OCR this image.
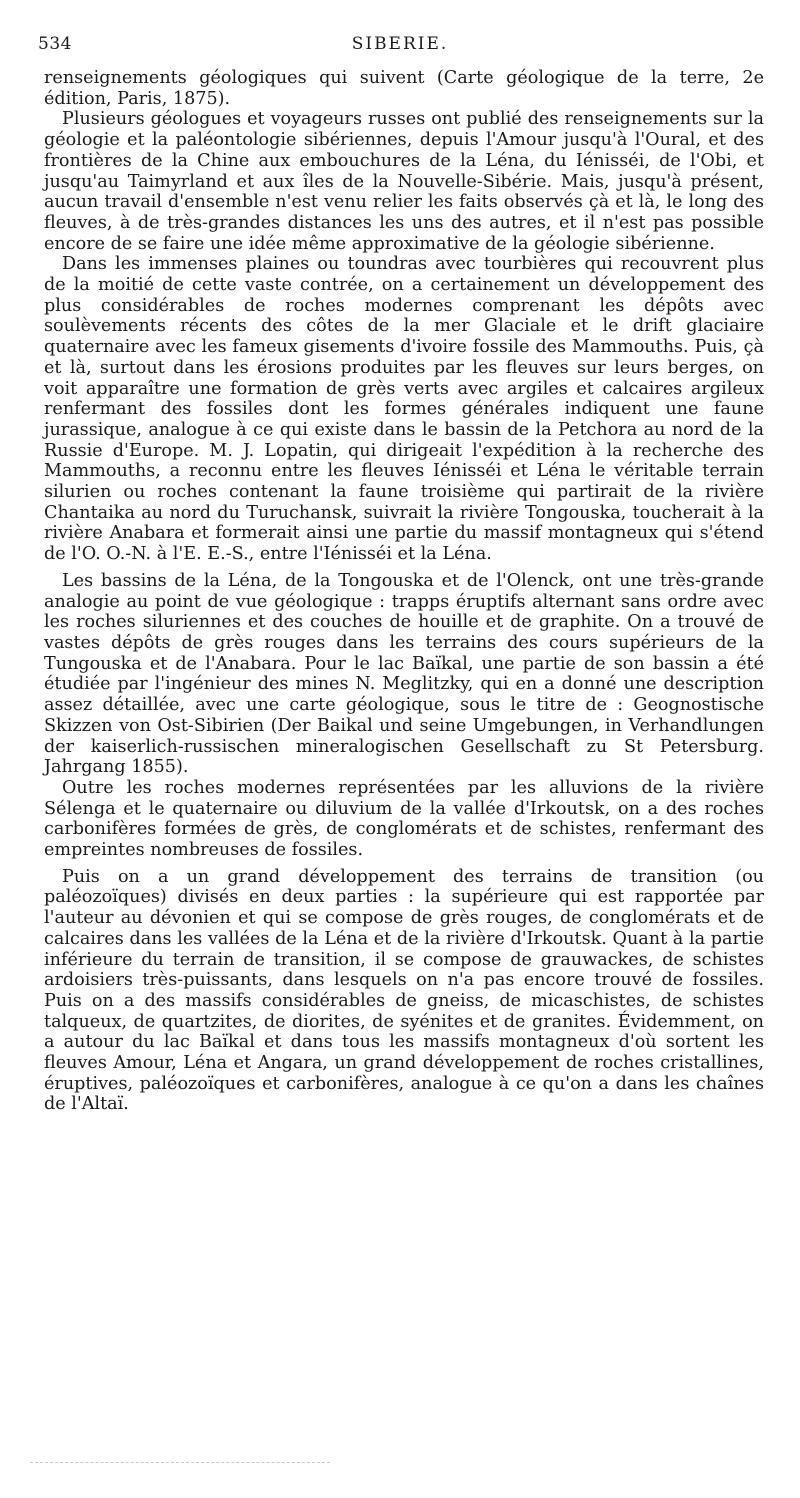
534	SIBERIE.

renseignements géologiques qui suivent (Carte géologique de la terre, 2e édition, Paris, 1875).

Plusieurs géologues et voyageurs russes ont publié des renseignements sur la géologie et la paléontologie sibériennes, depuis l'Amour jusqu'à l'Oural, et des frontières de la Chine aux embouchures de la Léna, du Iénisséi, de l'Obi, et jusqu'au Taimyrland et aux îles de la Nouvelle-Sibérie. Mais, jusqu'à présent, aucun travail d'ensemble n'est venu relier les faits observés çà et là, le long des fleuves, à de très-grandes distances les uns des autres, et il n'est pas possible encore de se faire une idée même approximative de la géologie sibérienne.

Dans les immenses plaines ou toundras avec tourbières qui recouvrent plus de la moitié de cette vaste contrée, on a certainement un développement des plus considérables de roches modernes comprenant les dépôts avec soulèvements récents des côtes de la mer Glaciale et le drift glaciaire quaternaire avec les fameux gisements d'ivoire fossile des Mammouths. Puis, çà et là, surtout dans les érosions produites par les fleuves sur leurs berges, on voit apparaître une formation de grès verts avec argiles et calcaires argileux renfermant des fossiles dont les formes générales indiquent une faune jurassique, analogue à ce qui existe dans le bassin de la Petchora au nord de la Russie d'Europe. M. J. Lopatin, qui dirigeait l'expédition à la recherche des Mammouths, a reconnu entre les fleuves Iénisséi et Léna le véritable terrain silurien ou roches contenant la faune troisième qui partirait de la rivière Chantaika au nord du Turuchansk, suivrait la rivière Tongouska, toucherait à la rivière Anabara et formerait ainsi une partie du massif montagneux qui s'étend de l'O. O.-N. à l'E. E.-S., entre l'Iénisséi et la Léna.

Les bassins de la Léna, de la Tongouska et de l'Olenck, ont une très-grande analogie au point de vue géologique : trapps éruptifs alternant sans ordre avec les roches siluriennes et des couches de houille et de graphite. On a trouvé de vastes dépôts de grès rouges dans les terrains des cours supérieurs de la Tungouska et de l'Anabara. Pour le lac Baïkal, une partie de son bassin a été étudiée par l'ingénieur des mines N. Meglitzky, qui en a donné une description assez détaillée, avec une carte géologique, sous le titre de : Geognostische Skizzen von Ost-Sibirien (Der Baikal und seine Umgebungen, in Verhandlungen der kaiserlich-russischen mineralogischen Gesellschaft zu St Petersburg. Jahrgang 1855).

Outre les roches modernes représentées par les alluvions de la rivière Sélenga et le quaternaire ou diluvium de la vallée d'Irkoutsk, on a des roches carbonifères formées de grès, de conglomérats et de schistes, renfermant des empreintes nombreuses de fossiles.

Puis on a un grand développement des terrains de transition (ou paléozoïques) divisés en deux parties : la supérieure qui est rapportée par l'auteur au dévonien et qui se compose de grès rouges, de conglomérats et de calcaires dans les vallées de la Léna et de la rivière d'Irkoutsk. Quant à la partie inférieure du terrain de transition, il se compose de grauwackes, de schistes ardoisiers très-puissants, dans lesquels on n'a pas encore trouvé de fossiles. Puis on a des massifs considérables de gneiss, de micaschistes, de schistes talqueux, de quartzites, de diorites, de syénites et de granites. Évidemment, on a autour du lac Baïkal et dans tous les massifs montagneux d'où sortent les fleuves Amour, Léna et Angara, un grand développement de roches cristallines, éruptives, paléozoïques et carbonifères, analogue à ce qu'on a dans les chaînes de l'Altaï.
